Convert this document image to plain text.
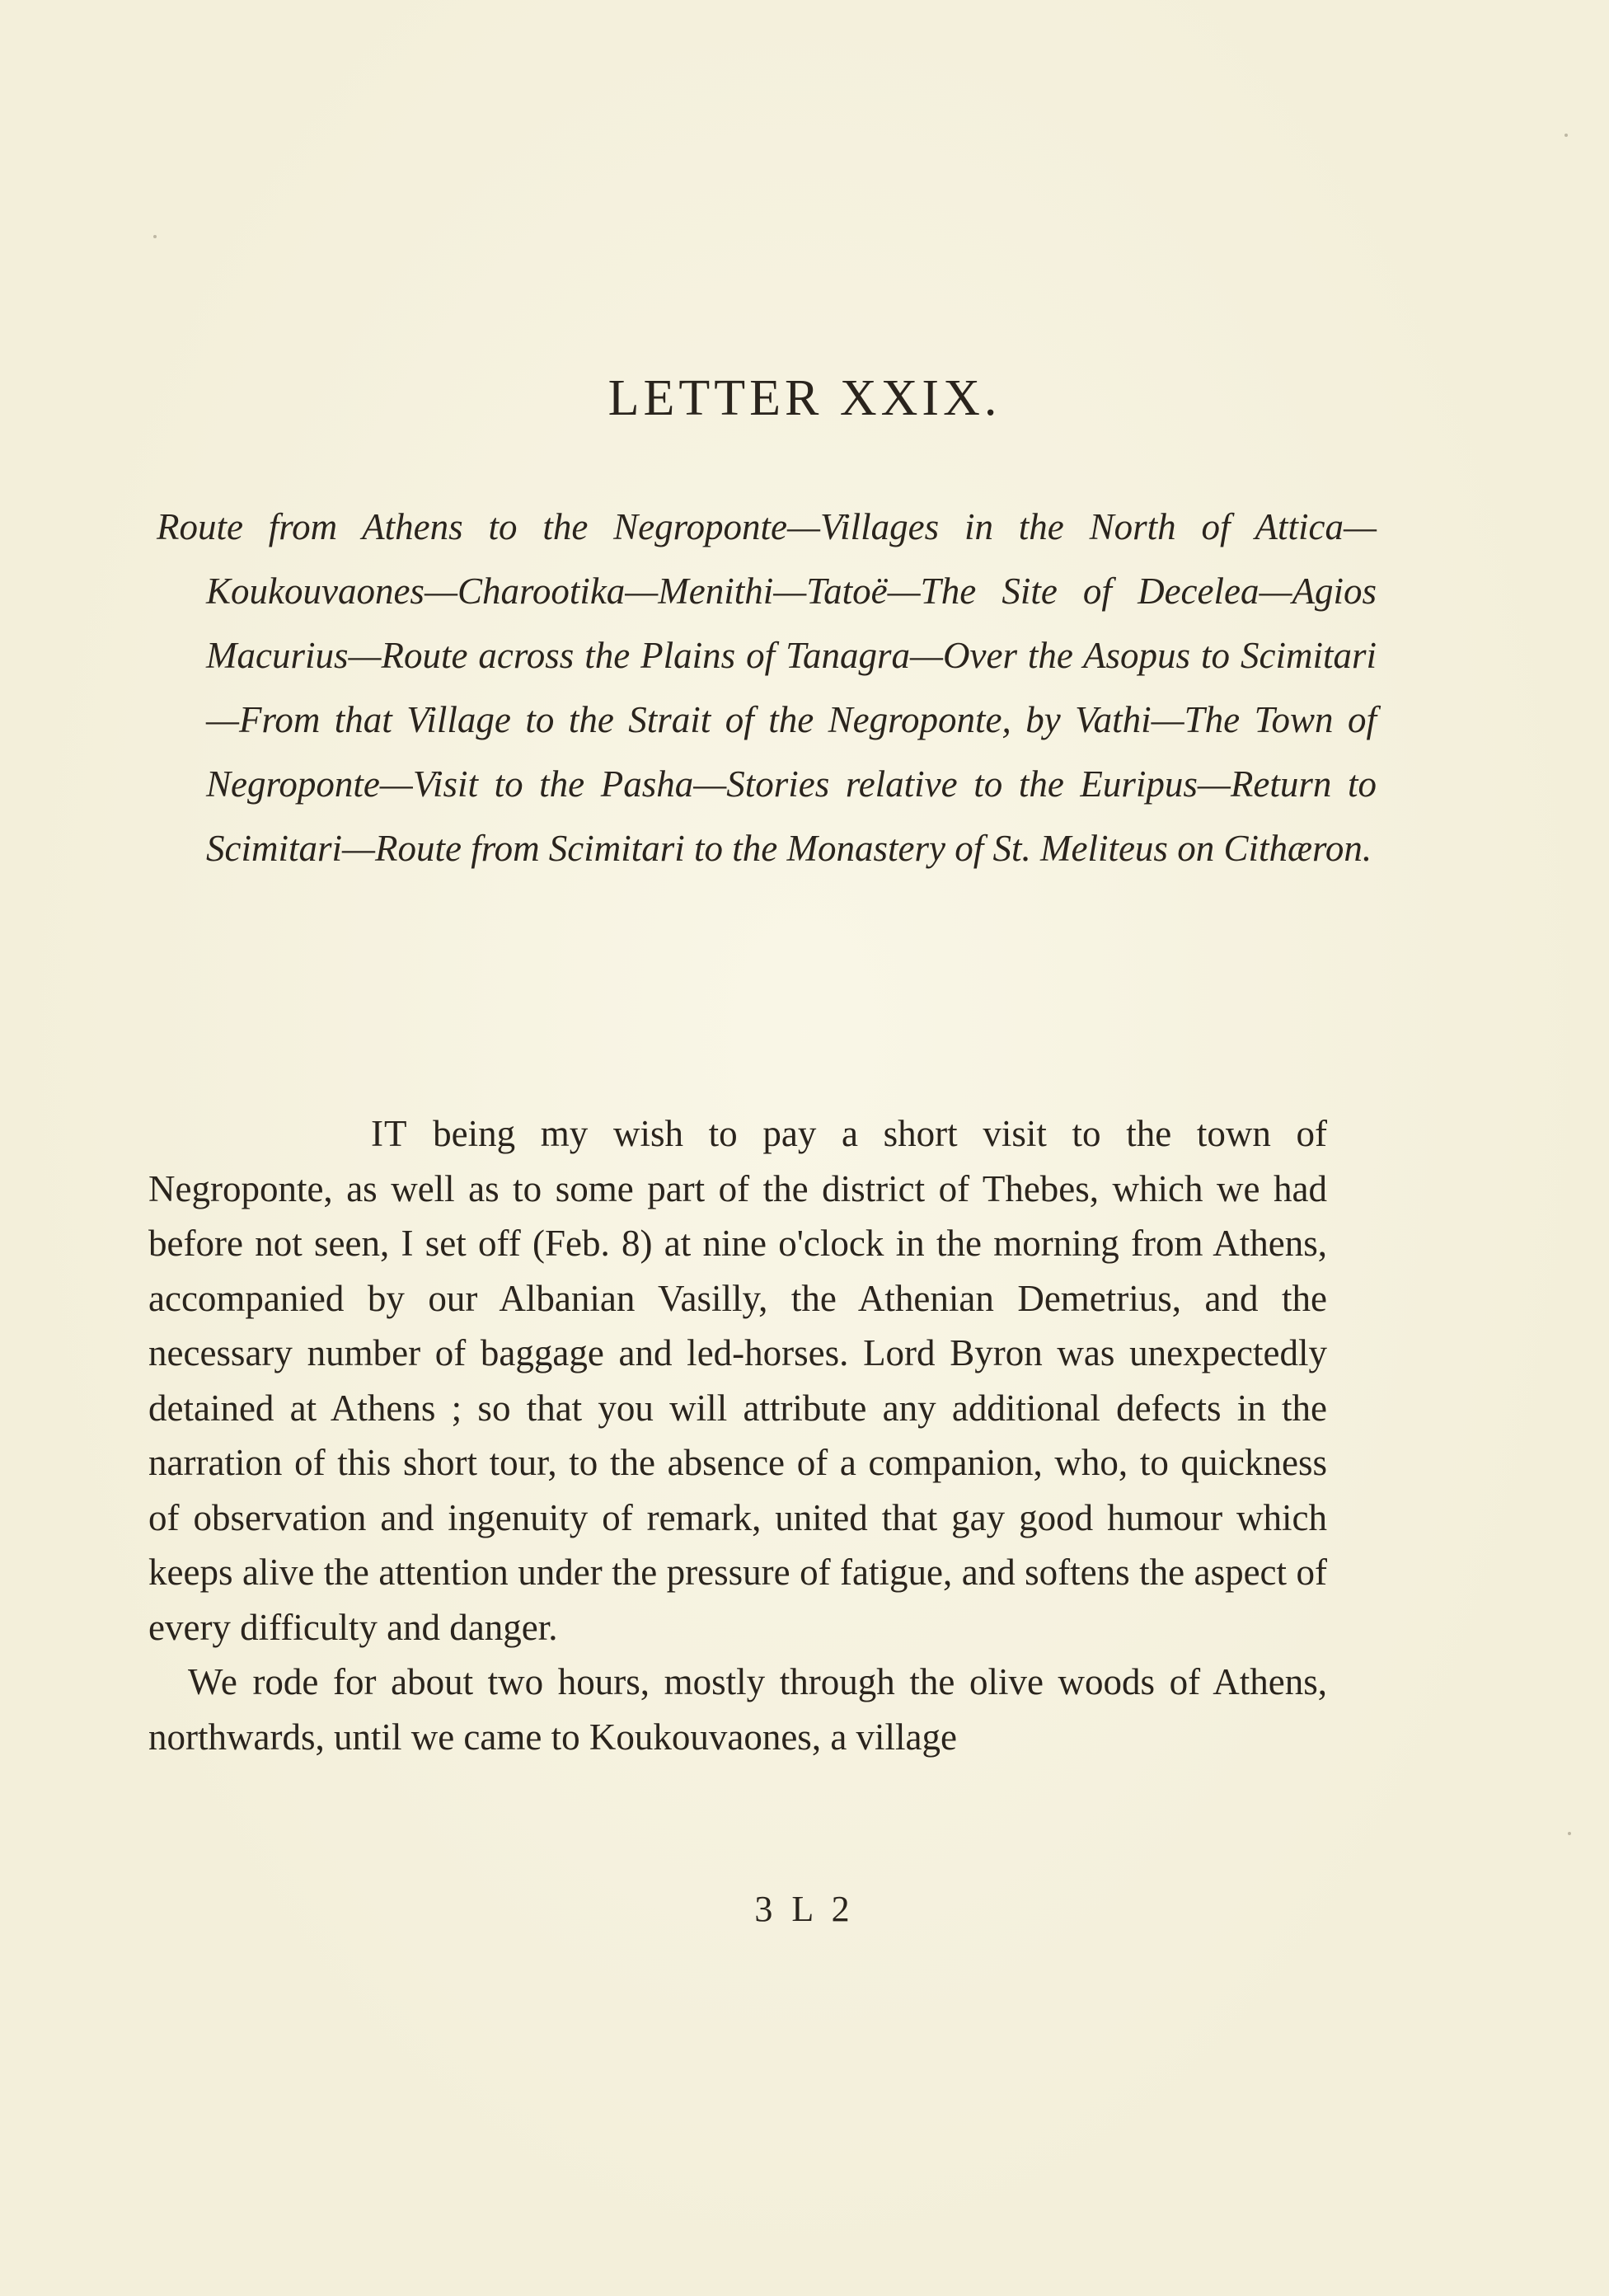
LETTER XXIX.
Route from Athens to the Negroponte—Villages in the North of Attica—Koukouvaones—Charootika—Menithi—Tatoë—The Site of Decelea—Agios Macurius—Route across the Plains of Tanagra—Over the Asopus to Scimitari—From that Village to the Strait of the Negroponte, by Vathi—The Town of Negroponte—Visit to the Pasha—Stories relative to the Euripus—Return to Scimitari—Route from Scimitari to the Monastery of St. Meliteus on Cithæron.

IT being my wish to pay a short visit to the town of Negroponte, as well as to some part of the district of Thebes, which we had before not seen, I set off (Feb. 8) at nine o'clock in the morning from Athens, accompanied by our Albanian Vasilly, the Athenian Demetrius, and the necessary number of baggage and led-horses. Lord Byron was unexpectedly detained at Athens ; so that you will attribute any additional defects in the narration of this short tour, to the absence of a companion, who, to quickness of observation and ingenuity of remark, united that gay good humour which keeps alive the attention under the pressure of fatigue, and softens the aspect of every difficulty and danger.

We rode for about two hours, mostly through the olive woods of Athens, northwards, until we came to Koukouvaones, a village

3 L 2
